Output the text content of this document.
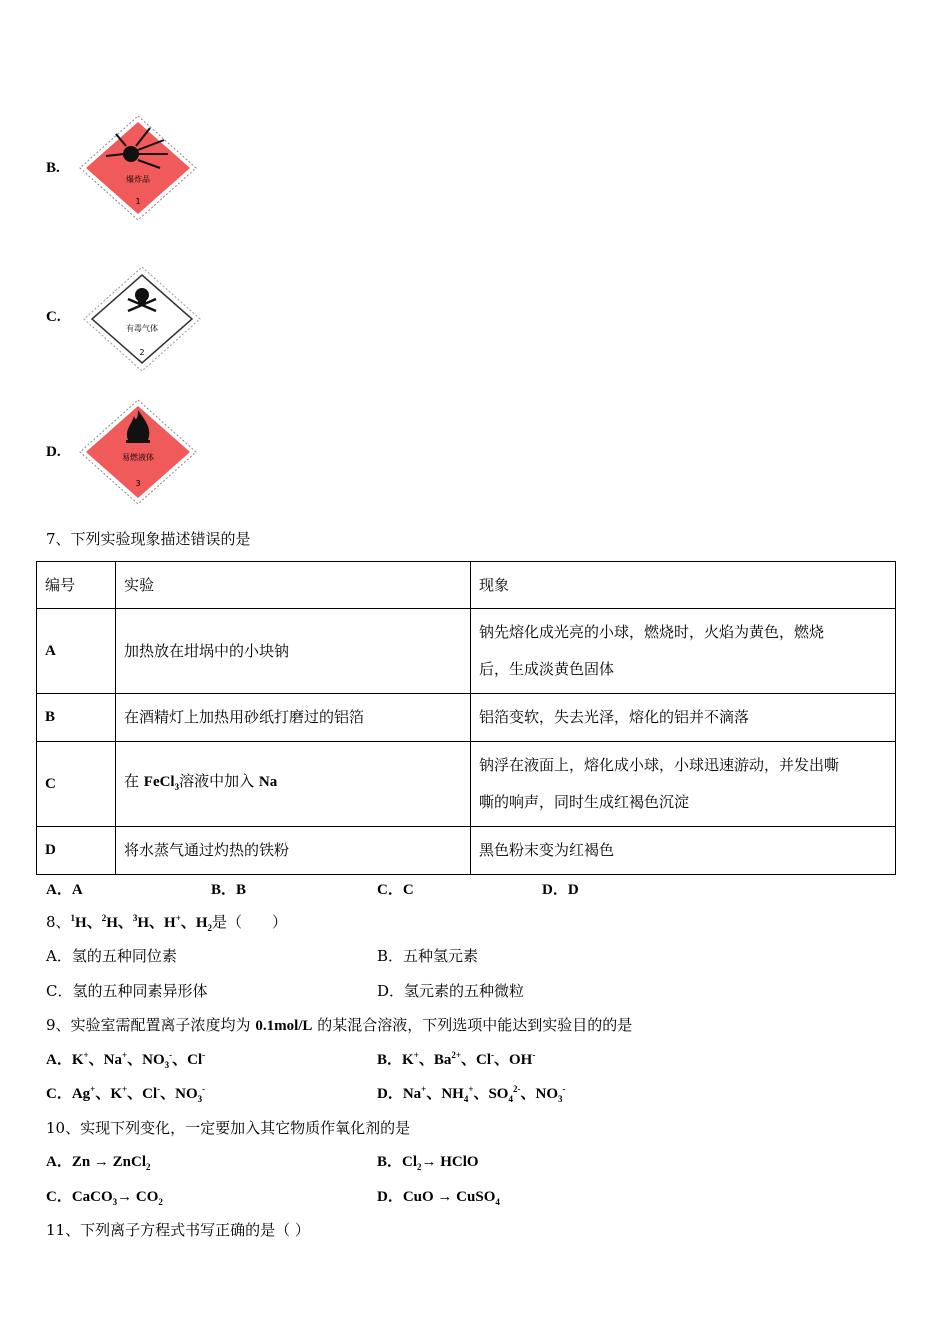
B.
爆炸品
1
C.
有毒气体
2
D.	易燃液体
3
7、下列实验现象描述错误的是
编号	实验	现象
A	加热放在坩埚中的小块钠	钠先熔化成光亮的小球，燃烧时，火焰为黄色，燃烧
后，生成淡黄色固体

B	在酒精灯上加热用砂纸打磨过的铝箔	铝箔变软，失去光泽，熔化的铝并不滴落
C	在 FeCl$_3$溶液中加入 Na	钠浮在液面上，熔化成小球，小球迅速游动，并发出嘶
嘶的响声，同时生成红褐色沉淀

D	将水蒸气通过灼热的铁粉	黑色粉末变为红褐色
A．A	B．B	C．C	D．D
8、$^1$H、$^2$H、$^3$H、H+、$H_2$是（　　）
A．氢的五种同位素	B．五种氢元素
C．氢的五种同素异形体	D．氢元素的五种微粒
9、实验室需配置离子浓度均为 0.1mol/L 的某混合溶液，下列选项中能达到实验目的的是
A．K+、Na+、$NO_3^-$、Cl-	B．K+、$Ba^{2+}$、Cl-、OH-
C．Ag+、K+、Cl-、$NO_3^-$	D．Na+、$NH_4^+$、$SO_4^{2-}$、$NO_3^-$
10、实现下列变化，一定要加入其它物质作氧化剂的是
A．Zn → ZnCl$_2$	B．$Cl_2\to$ HClO
C．CaCO$_3$→ $CO_2$	D．CuO → CuSO$_4$
11、下列离子方程式书写正确的是（ ）
